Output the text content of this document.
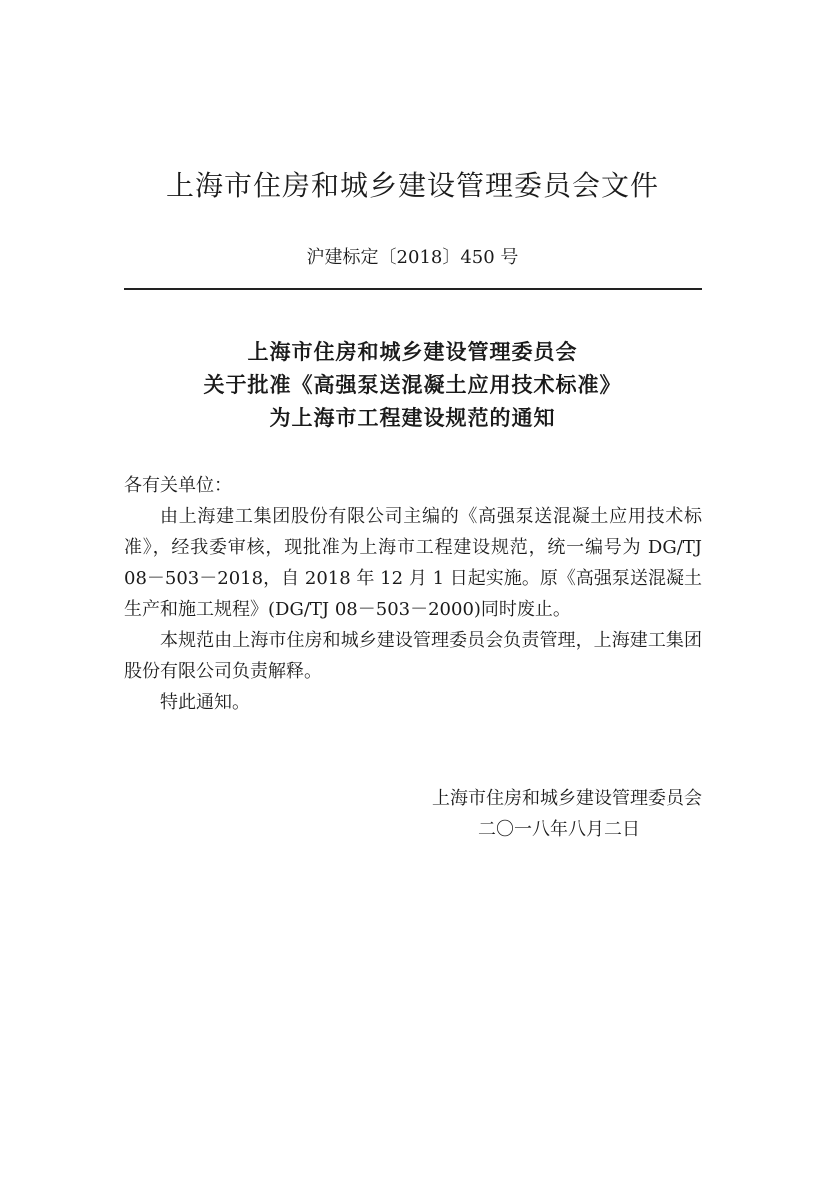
上海市住房和城乡建设管理委员会文件
沪建标定〔2018〕450 号
上海市住房和城乡建设管理委员会
关于批准《高强泵送混凝土应用技术标准》
为上海市工程建设规范的通知

各有关单位：

由上海建工集团股份有限公司主编的《高强泵送混凝土应用技术标准》，经我委审核，现批准为上海市工程建设规范，统一编号为 DG/TJ 08－503－2018，自 2018 年 12 月 1 日起实施。原《高强泵送混凝土生产和施工规程》(DG/TJ 08－503－2000)同时废止。

本规范由上海市住房和城乡建设管理委员会负责管理，上海建工集团股份有限公司负责解释。

特此通知。

上海市住房和城乡建设管理委员会
二〇一八年八月二日
